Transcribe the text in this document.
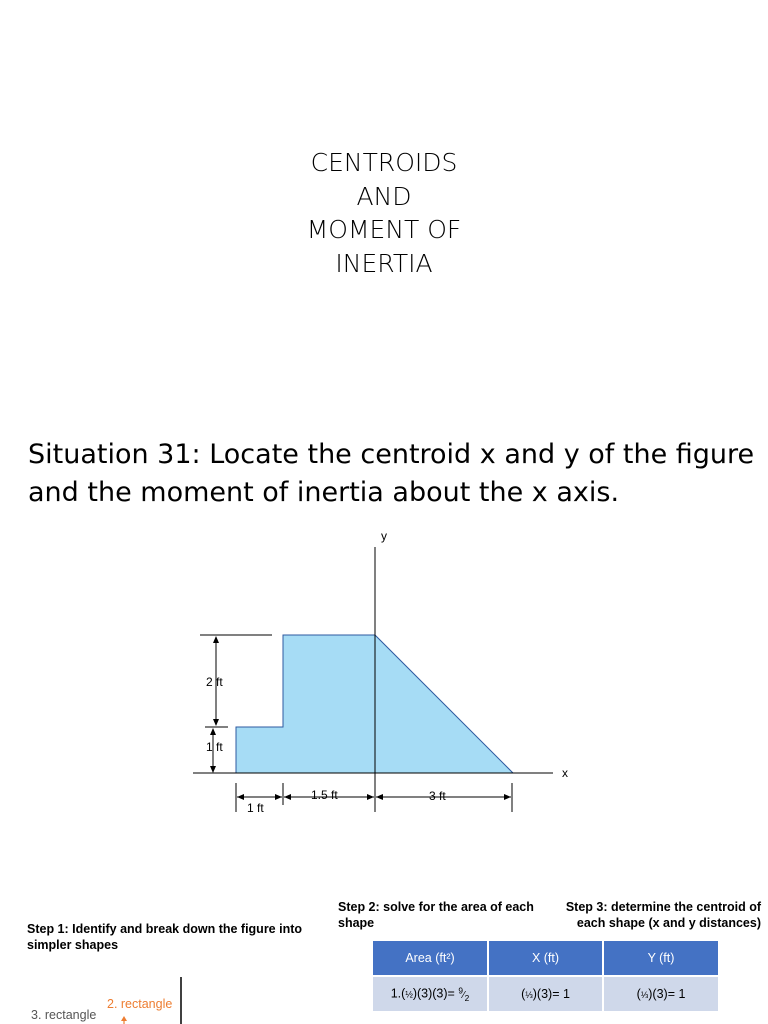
CENTROIDS
AND
MOMENT OF
INERTIA
Situation 31: Locate the centroid x and y of the figure and the moment of inertia about the x axis.
y
x
2 ft
1 ft
1 ft
1.5 ft	3 ft
Step 1: Identify and break down the figure into simpler shapes
Step 2: solve for the area of each shape
Step 3: determine the centroid of each shape (x and y distances)
2. rectangle
3. rectangle
Area (ft²)	X (ft)	Y (ft)
1.(½)(3)(3)= $^9⁄_2$	(⅓)(3)= 1	(⅓)(3)= 1
